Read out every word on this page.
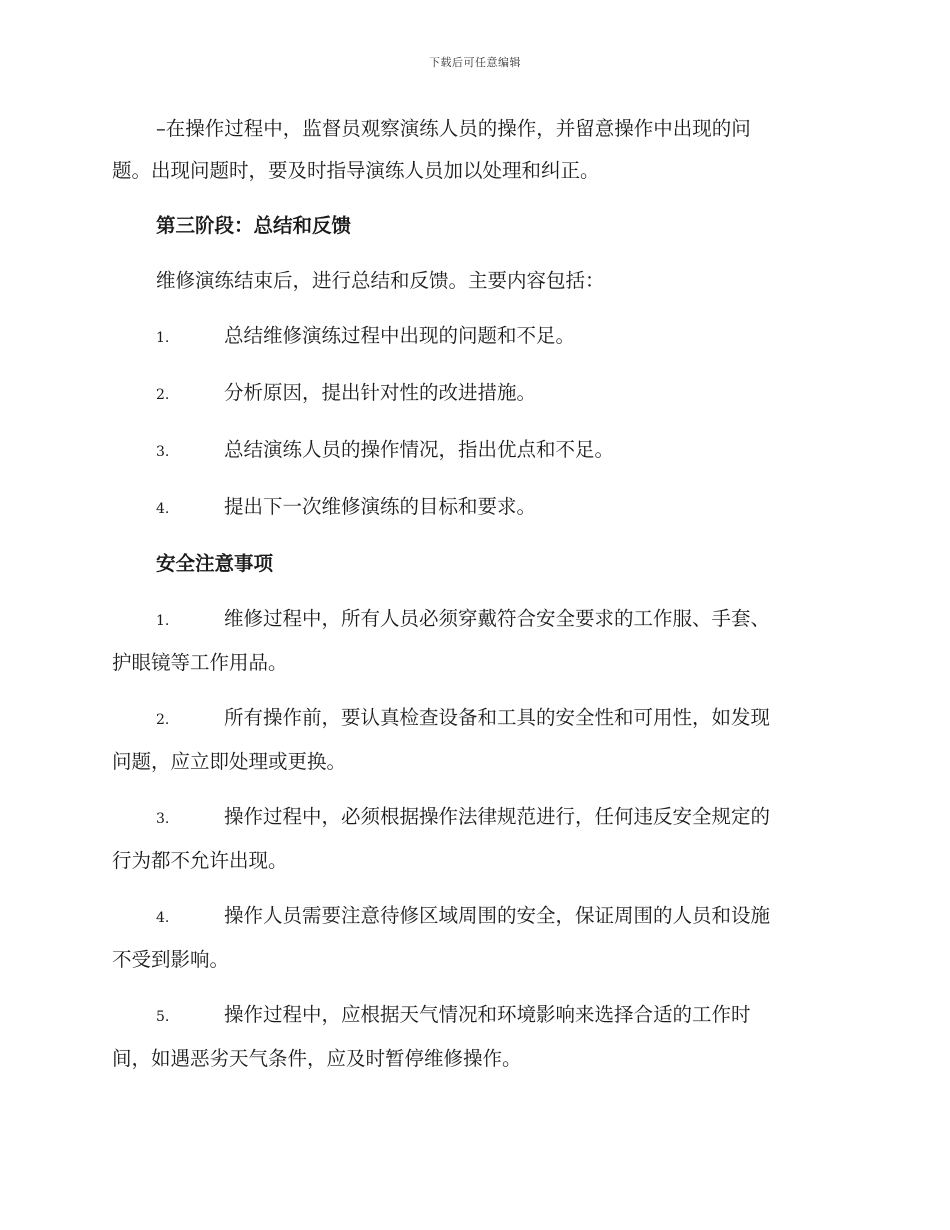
下载后可任意编辑
–在操作过程中，监督员观察演练人员的操作，并留意操作中出现的问
题。出现问题时，要及时指导演练人员加以处理和纠正。
第三阶段：总结和反馈
维修演练结束后，进行总结和反馈。主要内容包括：
1.	总结维修演练过程中出现的问题和不足。
2.	分析原因，提出针对性的改进措施。
3.	总结演练人员的操作情况，指出优点和不足。
4.	提出下一次维修演练的目标和要求。
安全注意事项
1.	维修过程中，所有人员必须穿戴符合安全要求的工作服、手套、
护眼镜等工作用品。
2.	所有操作前，要认真检查设备和工具的安全性和可用性，如发现
问题，应立即处理或更换。
3.	操作过程中，必须根据操作法律规范进行，任何违反安全规定的
行为都不允许出现。
4.	操作人员需要注意待修区域周围的安全，保证周围的人员和设施
不受到影响。
5.	操作过程中，应根据天气情况和环境影响来选择合适的工作时
间，如遇恶劣天气条件，应及时暂停维修操作。
